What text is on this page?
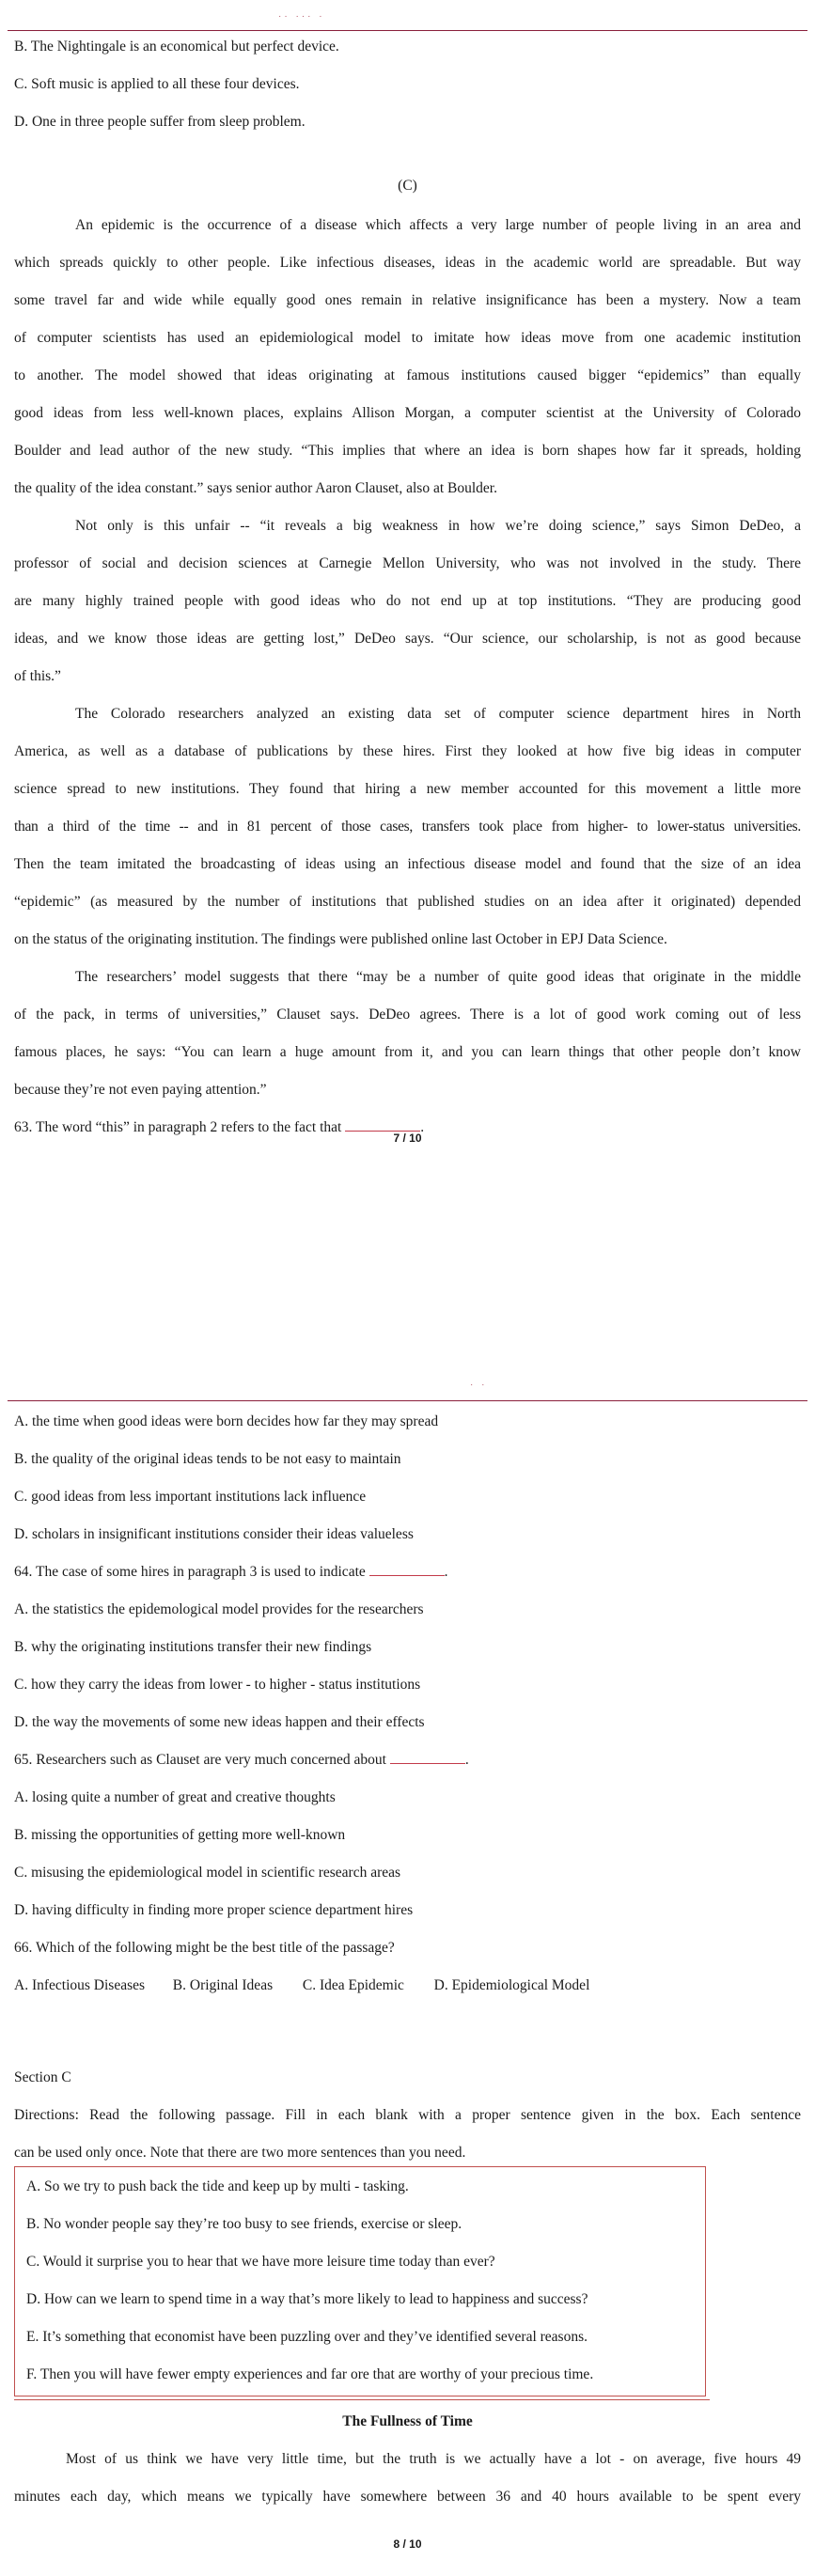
·· ··· ·
B. The Nightingale is an economical but perfect device.
C. Soft music is applied to all these four devices.
D. One in three people suffer from sleep problem.
(C)
An epidemic is the occurrence of a disease which affects a very large number of people living in an area and
which spreads quickly to other people. Like infectious diseases, ideas in the academic world are spreadable. But way
some travel far and wide while equally good ones remain in relative insignificance has been a mystery. Now a team
of computer scientists has used an epidemiological model to imitate how ideas move from one academic institution
to another. The model showed that ideas originating at famous institutions caused bigger “epidemics” than equally
good ideas from less well-known places, explains Allison Morgan, a computer scientist at the University of Colorado
Boulder and lead author of the new study. “This implies that where an idea is born shapes how far it spreads, holding
the quality of the idea constant.” says senior author Aaron Clauset, also at Boulder.
Not only is this unfair -- “it reveals a big weakness in how we’re doing science,” says Simon DeDeo, a
professor of social and decision sciences at Carnegie Mellon University, who was not involved in the study. There
are many highly trained people with good ideas who do not end up at top institutions. “They are producing good
ideas, and we know those ideas are getting lost,” DeDeo says. “Our science, our scholarship, is not as good because
of this.”
The Colorado researchers analyzed an existing data set of computer science department hires in North
America, as well as a database of publications by these hires. First they looked at how five big ideas in computer
science spread to new institutions. They found that hiring a new member accounted for this movement a little more
than a third of the time -- and in 81 percent of those cases, transfers took place from higher- to lower-status universities.
Then the team imitated the broadcasting of ideas using an infectious disease model and found that the size of an idea
“epidemic” (as measured by the number of institutions that published studies on an idea after it originated) depended
on the status of the originating institution. The findings were published online last October in EPJ Data Science.
The researchers’ model suggests that there “may be a number of quite good ideas that originate in the middle
of the pack, in terms of universities,” Clauset says. DeDeo agrees. There is a lot of good work coming out of less
famous places, he says: “You can learn a huge amount from it, and you can learn things that other people don’t know
because they’re not even paying attention.”
63. The word “this” in paragraph 2 refers to the fact that	.
7 / 10
· ·
A. the time when good ideas were born decides how far they may spread
B. the quality of the original ideas tends to be not easy to maintain
C. good ideas from less important institutions lack influence
D. scholars in insignificant institutions consider their ideas valueless
64. The case of some hires in paragraph 3 is used to indicate	.
A. the statistics the epidemological model provides for the researchers
B. why the originating institutions transfer their new findings
C. how they carry the ideas from lower - to higher - status institutions
D. the way the movements of some new ideas happen and their effects
65. Researchers such as Clauset are very much concerned about	.
A. losing quite a number of great and creative thoughts
B. missing the opportunities of getting more well-known
C. misusing the epidemiological model in scientific research areas
D. having difficulty in finding more proper science department hires
66. Which of the following might be the best title of the passage?
A. Infectious Diseases B. Original Ideas C. Idea Epidemic D. Epidemiological Model
Section C
Directions: Read the following passage. Fill in each blank with a proper sentence given in the box. Each sentence
can be used only once. Note that there are two more sentences than you need.
A. So we try to push back the tide and keep up by multi - tasking.
B. No wonder people say they’re too busy to see friends, exercise or sleep.
C. Would it surprise you to hear that we have more leisure time today than ever?
D. How can we learn to spend time in a way that’s more likely to lead to happiness and success?
E. It’s something that economist have been puzzling over and they’ve identified several reasons.
F. Then you will have fewer empty experiences and far ore that are worthy of your precious time.
The Fullness of Time
Most of us think we have very little time, but the truth is we actually have a lot - on average, five hours 49
minutes each day, which means we typically have somewhere between 36 and 40 hours available to be spent every
8 / 10
